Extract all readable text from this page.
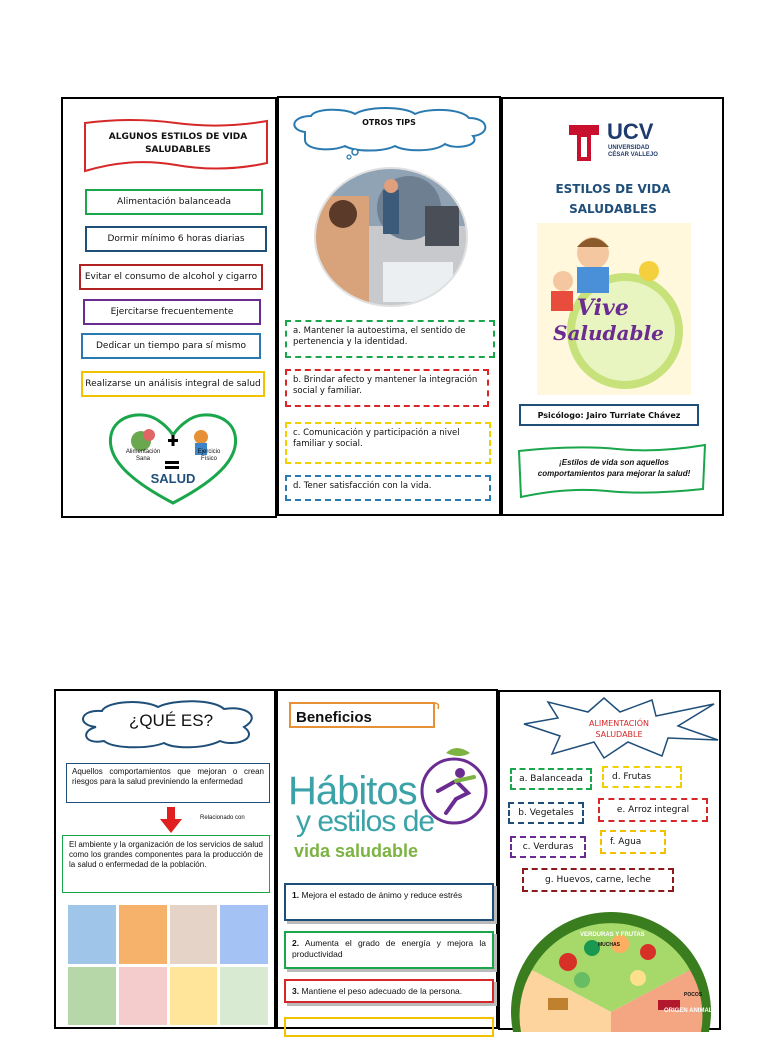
ALGUNOS ESTILOS DE VIDA SALUDABLES
Alimentación balanceada
Dormir mínimo 6 horas diarias
Evitar el consumo de alcohol y cigarro
Ejercitarse frecuentemente
Dedicar un tiempo para sí mismo
Realizarse un análisis integral de salud
Alimentación Sana
Ejercicio Físico
SALUD
OTROS TIPS
a. Mantener la autoestima, el sentido de pertenencia y la identidad.
b. Brindar afecto y mantener la integración social y familiar.
c. Comunicación y participación a nivel familiar y social.
d. Tener satisfacción con la vida.
UCV
UNIVERSIDAD
CÉSAR VALLEJO
ESTILOS DE VIDA SALUDABLES
Vive
Saludable
Psicólogo: Jairo Turriate Chávez
¡Estilos de vida son aquellos comportamientos para mejorar la salud!
¿QUÉ ES?
Aquellos comportamientos que mejoran o crean riesgos para la salud previniendo la enfermedad
Relacionado con
El ambiente y la organización de los servicios de salud como los grandes componentes para la producción de la salud o enfermedad de la población.
Beneficios
Hábitos
y estilos de
vida saludable
1. Mejora el estado de ánimo y reduce estrés
2. Aumenta el grado de energía y mejora la productividad
3. Mantiene el peso adecuado de la persona.
ALIMENTACIÓN SALUDABLE
a. Balanceada	d. Frutas
b. Vegetales	e. Arroz integral
c. Verduras	f. Agua
g. Huevos, carne, leche
VERDURAS Y FRUTAS
MUCHAS
POCOS
ORIGEN ANIMAL
